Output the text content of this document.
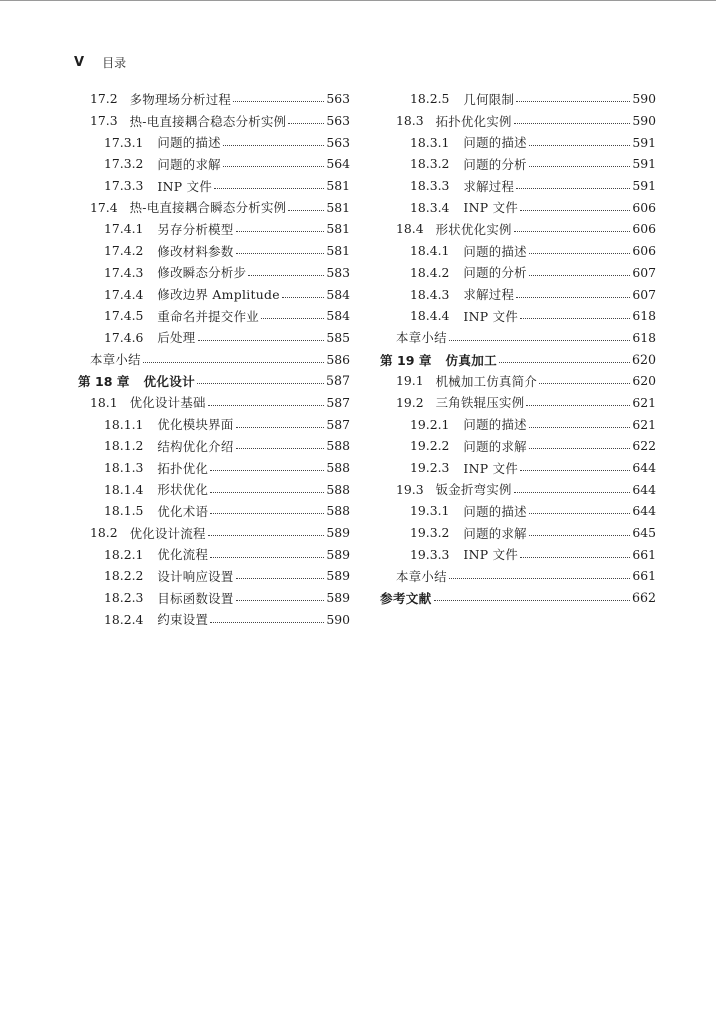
V 目录
17.2 多物理场分析过程	563
17.3 热-电直接耦合稳态分析实例	563
17.3.1 问题的描述	563
17.3.2 问题的求解	564
17.3.3 INP 文件	581
17.4 热-电直接耦合瞬态分析实例	581
17.4.1 另存分析模型	581
17.4.2 修改材料参数	581
17.4.3 修改瞬态分析步	583
17.4.4 修改边界 Amplitude	584
17.4.5 重命名并提交作业	584
17.4.6 后处理	585
本章小结	586
第 18 章 优化设计	587
18.1 优化设计基础	587
18.1.1 优化模块界面	587
18.1.2 结构优化介绍	588
18.1.3 拓扑优化	588
18.1.4 形状优化	588
18.1.5 优化术语	588
18.2 优化设计流程	589
18.2.1 优化流程	589
18.2.2 设计响应设置	589
18.2.3 目标函数设置	589
18.2.4 约束设置	590
18.2.5 几何限制	590
18.3 拓扑优化实例	590
18.3.1 问题的描述	591
18.3.2 问题的分析	591
18.3.3 求解过程	591
18.3.4 INP 文件	606
18.4 形状优化实例	606
18.4.1 问题的描述	606
18.4.2 问题的分析	607
18.4.3 求解过程	607
18.4.4 INP 文件	618
本章小结	618
第 19 章 仿真加工	620
19.1 机械加工仿真简介	620
19.2 三角铁辊压实例	621
19.2.1 问题的描述	621
19.2.2 问题的求解	622
19.2.3 INP 文件	644
19.3 钣金折弯实例	644
19.3.1 问题的描述	644
19.3.2 问题的求解	645
19.3.3 INP 文件	661
本章小结	661
参考文献	662
